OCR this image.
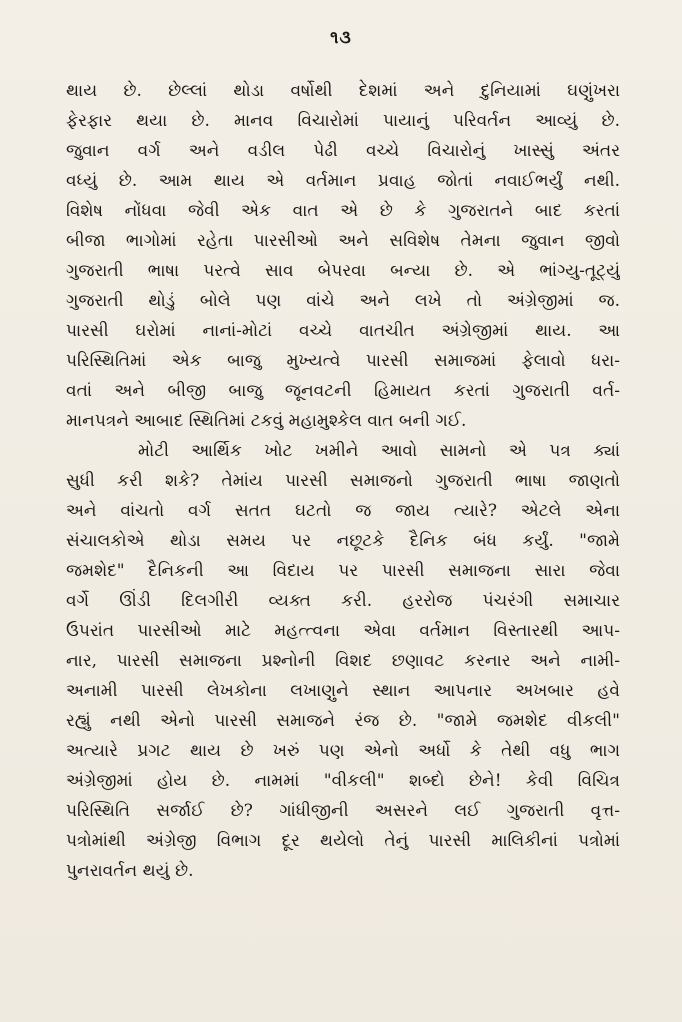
૧૩
થાય છે. છેલ્લાં થોડા વર્ષોથી દેશમાં અને દુનિયામાં ઘણુંખરા
ફેરફાર થયા છે. માનવ વિચારોમાં પાયાનું પરિવર્તન આવ્યું છે.
જુવાન વર્ગ અને વડીલ પેઢી વચ્ચે વિચારોનું ખાસ્સું અંતર
વધ્યું છે. આમ થાય એ વર્તમાન પ્રવાહ જોતાં નવાઈભર્યું નથી.
વિશેષ નોંધવા જેવી એક વાત એ છે કે ગુજરાતને બાદ કરતાં
બીજા ભાગોમાં રહેતા પારસીઓ અને સવિશેષ તેમના જુવાન જીવો
ગુજરાતી ભાષા પરત્વે સાવ બેપરવા બન્યા છે. એ ભાંગ્યુ-તૂટ્યું
ગુજરાતી થોડું બોલે પણ વાંચે અને લખે તો અંગ્રેજીમાં જ.
પારસી ઘરોમાં નાનાં-મોટાં વચ્ચે વાતચીત અંગ્રેજીમાં થાય. આ
પરિસ્થિતિમાં એક બાજુ મુખ્યત્વે પારસી સમાજમાં ફેલાવો ધરા-
વતાં અને બીજી બાજુ જૂનવટની હિમાયત કરતાં ગુજરાતી વર્ત-
માનપત્રને આબાદ સ્થિતિમાં ટકવું મહામુશ્કેલ વાત બની ગઈ.
મોટી આર્થિક ખોટ ખમીને આવો સામનો એ પત્ર ક્યાં
સુધી કરી શકે? તેમાંય પારસી સમાજનો ગુજરાતી ભાષા જાણતો
અને વાંચતો વર્ગ સતત ઘટતો જ જાય ત્યારે? એટલે એના
સંચાલકોએ થોડા સમય પર નછૂટકે દૈનિક બંધ કર્યું. "જામે
જમશેદ" દૈનિકની આ વિદાય પર પારસી સમાજના સારા જેવા
વર્ગે ઊંડી દિલગીરી વ્યક્ત કરી. હરરોજ પંચરંગી સમાચાર
ઉપરાંત પારસીઓ માટે મહત્ત્વના એવા વર્તમાન વિસ્તારથી આપ-
નાર, પારસી સમાજના પ્રશ્નોની વિશદ છણાવટ કરનાર અને નામી-
અનામી પારસી લેખકોના લખાણુને સ્થાન આપનાર અખબાર હવે
રહ્યું નથી એનો પારસી સમાજને રંજ છે. "જામે જમશેદ વીકલી"
અત્યારે પ્રગટ થાય છે ખરું પણ એનો અર્ધો કે તેથી વધુ ભાગ
અંગ્રેજીમાં હોય છે. નામમાં "વીકલી" શબ્દો છેને! કેવી વિચિત્ર
પરિસ્થિતિ સર્જાઈ છે? ગાંધીજીની અસરને લઈ ગુજરાતી વૃત્ત-
પત્રોમાંથી અંગ્રેજી વિભાગ દૂર થયેલો તેનું પારસી માલિકીનાં પત્રોમાં
પુનરાવર્તન થયું છે.
